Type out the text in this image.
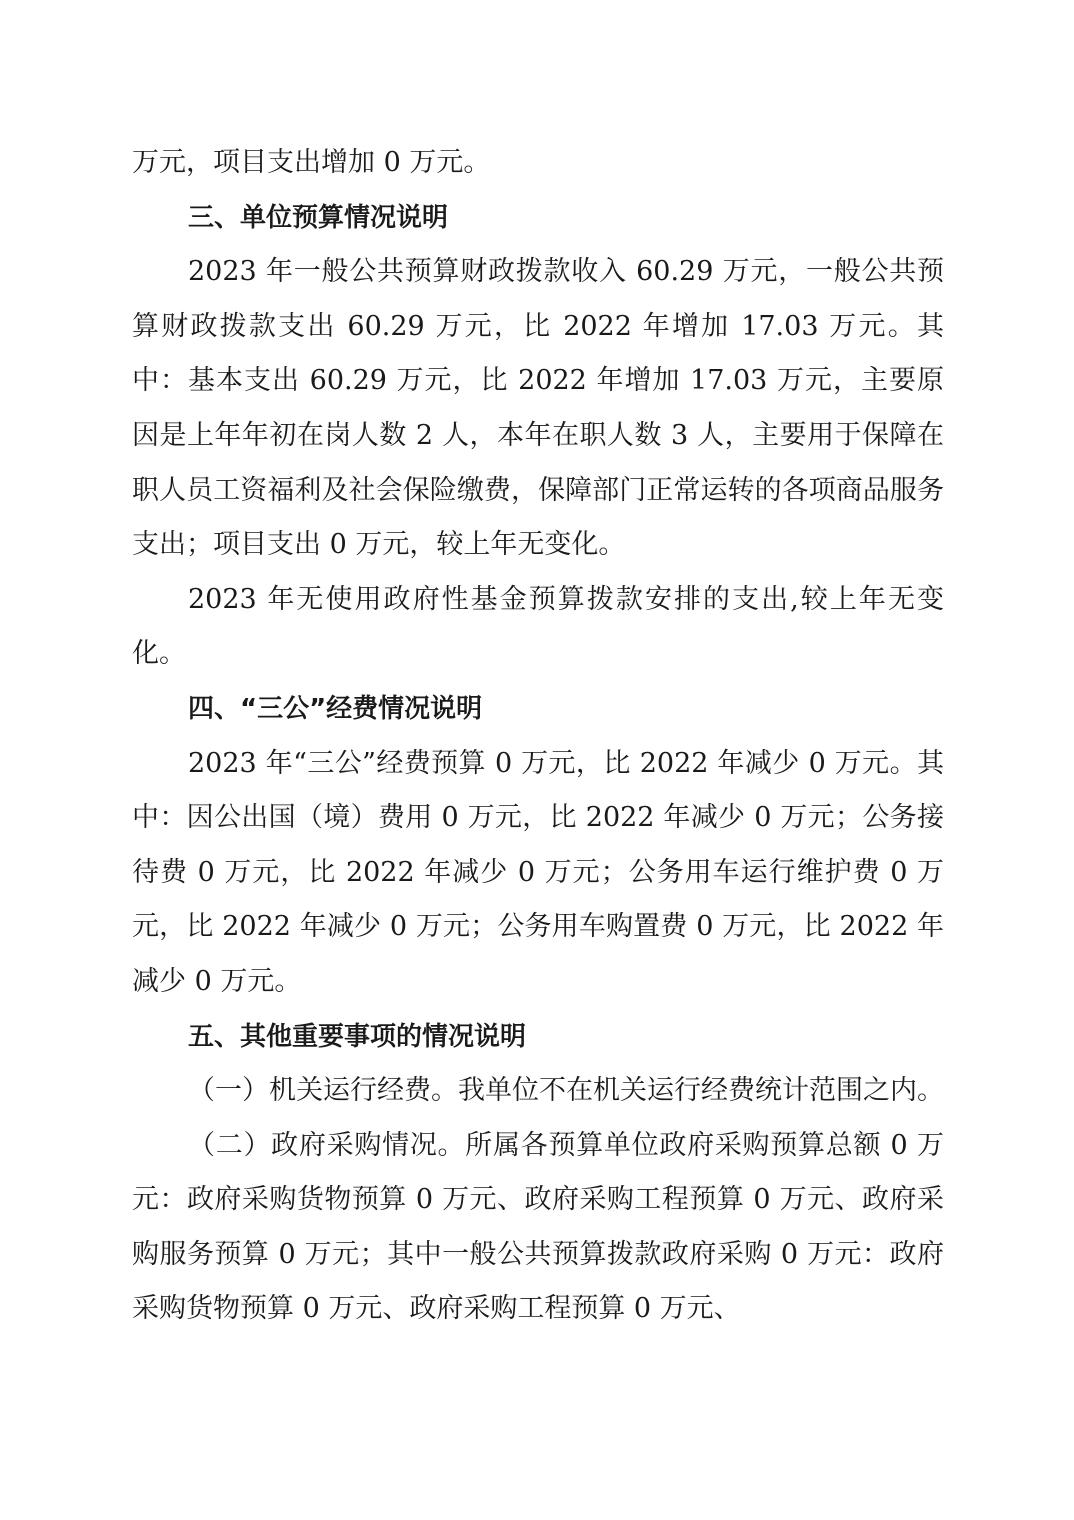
万元，项目支出增加 0 万元。

三、单位预算情况说明

2023 年一般公共预算财政拨款收入 60.29 万元，一般公共预算财政拨款支出 60.29 万元，比 2022 年增加 17.03 万元。其中：基本支出 60.29 万元，比 2022 年增加 17.03 万元，主要原因是上年年初在岗人数 2 人，本年在职人数 3 人，主要用于保障在职人员工资福利及社会保险缴费，保障部门正常运转的各项商品服务支出；项目支出 0 万元，较上年无变化。

2023 年无使用政府性基金预算拨款安排的支出,较上年无变化。

四、“三公”经费情况说明

2023 年“三公”经费预算 0 万元，比 2022 年减少 0 万元。其中：因公出国（境）费用 0 万元，比 2022 年减少 0 万元；公务接待费 0 万元，比 2022 年减少 0 万元；公务用车运行维护费 0 万元，比 2022 年减少 0 万元；公务用车购置费 0 万元，比 2022 年减少 0 万元。

五、其他重要事项的情况说明

（一）机关运行经费。我单位不在机关运行经费统计范围之内。

（二）政府采购情况。所属各预算单位政府采购预算总额 0 万元：政府采购货物预算 0 万元、政府采购工程预算 0 万元、政府采购服务预算 0 万元；其中一般公共预算拨款政府采购 0 万元：政府采购货物预算 0 万元、政府采购工程预算 0 万元、
